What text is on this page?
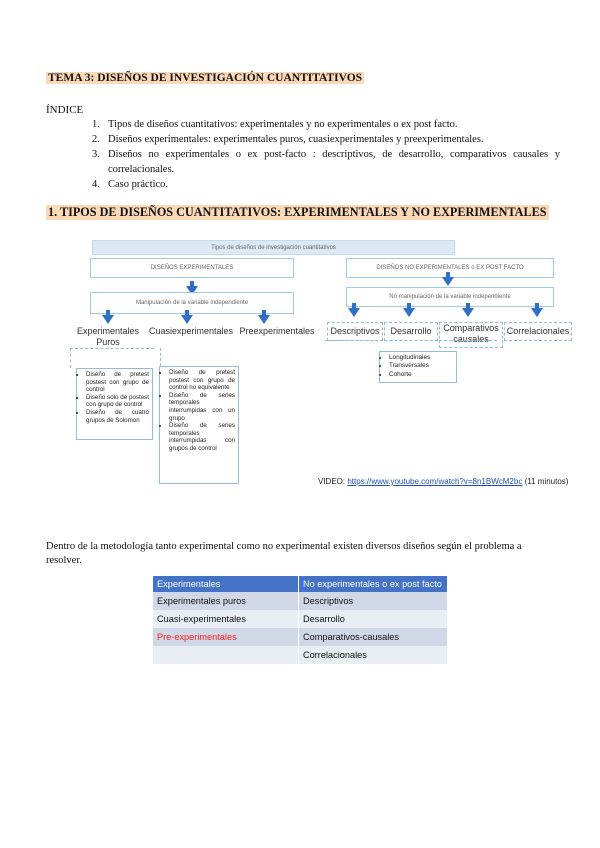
TEMA 3: DISEÑOS DE INVESTIGACIÓN CUANTITATIVOS
ÍNDICE
1. Tipos de diseños cuantitativos: experimentales y no experimentales o ex post facto.
2. Diseños experimentales: experimentales puros, cuasiexperimentales y preexperimentales.
3. Diseños no experimentales o ex post-facto : descriptivos, de desarrollo, comparativos causales y correlacionales.
4. Caso práctico.
1. TIPOS DE DISEÑOS CUANTITATIVOS: EXPERIMENTALES Y NO EXPERIMENTALES
Tipos de diseños de investigación cuantitativos
DISEÑOS EXPERIMENTALES
Manipulación de la variable independiente
DISEÑOS NO EXPERIMENTALES o EX POST FACTO
No manipulación de la variable independiente
Experimentales Puros
Cuasiexperimentales Preexperimentales	Descriptivos	Desarrollo	Comparativos causales
Correlacionales
• Diseño de pretest postest con grupo de control
• Diseño solo de postest con grupo de control
• Diseño de cuatro grupos de Solomon
• Diseño de pretest postest con grupo de control no equivalente
• Diseño de series temporales interrumpidas con un grupo
• Diseño de series temporales interrumpidas con grupos de control
• Longitudinales
• Transversales
• Cohorte
VIDEO: https://www.youtube.com/watch?v=8n1BWcM2bc (11 minutos)
Dentro de la metodología tanto experimental como no experimental existen diversos diseños según el problema a resolver.
Experimentales	No experimentales o ex post facto
Experimentales puros	Descriptivos
Cuasi-experimentales	Desarrollo
Pre-experimentales	Comparativos-causales
	Correlacionales
